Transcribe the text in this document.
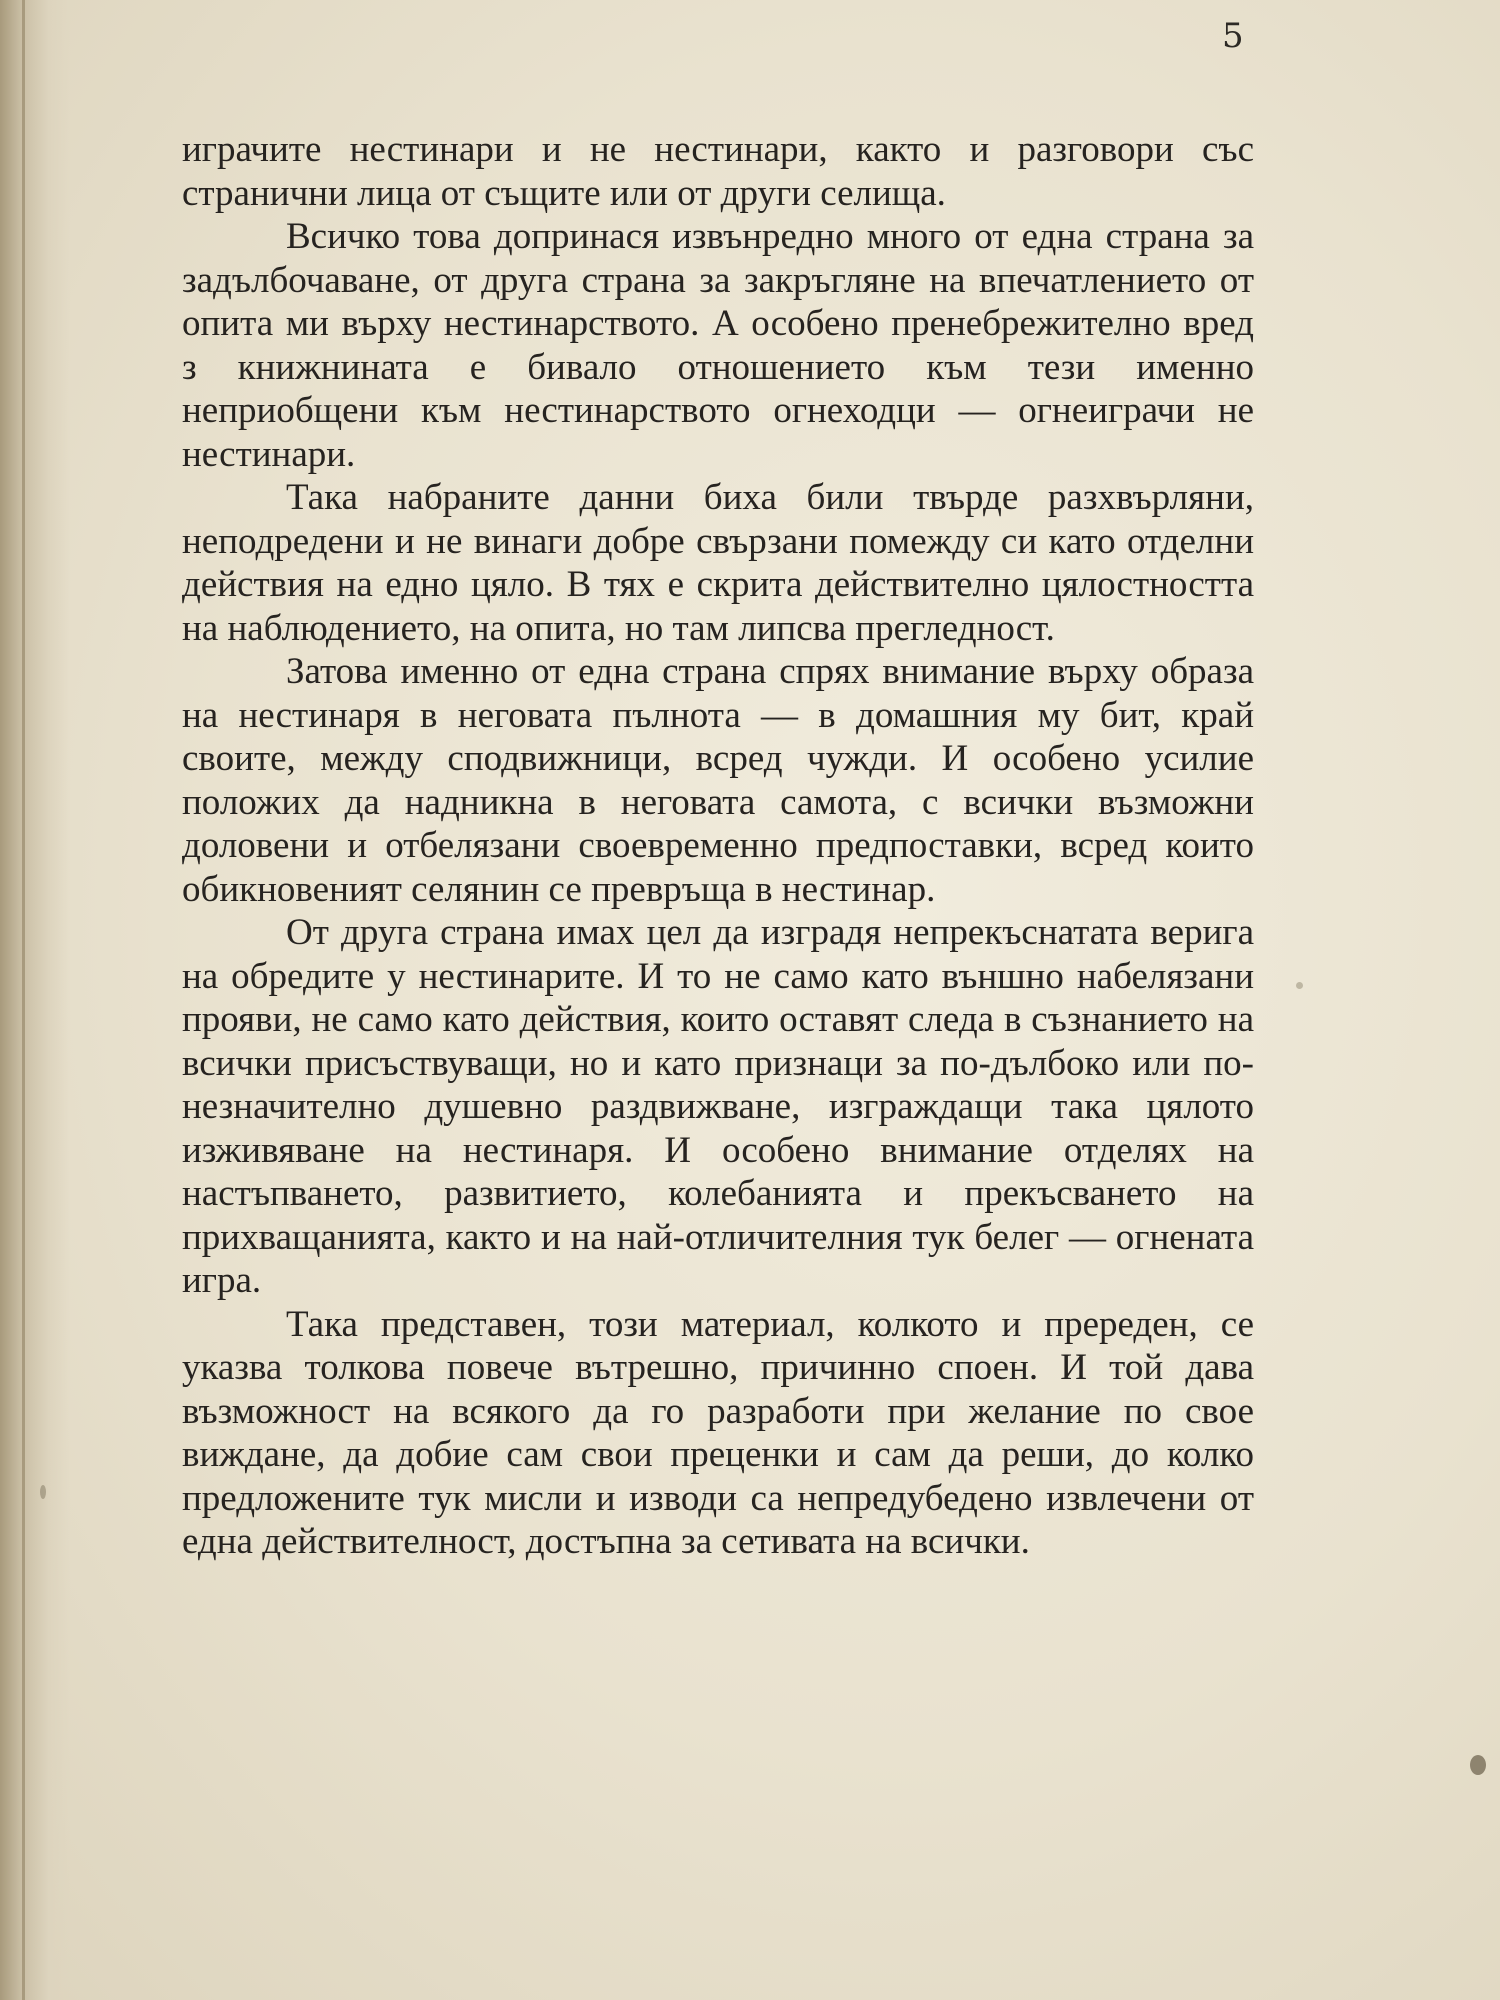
5

играчите нестинари и не нестинари, както и разговори със странични лица от същите или от други селища.

Всичко това допринася извънредно много от една страна за задълбочаване, от друга страна за закръгляне на впечатлението от опита ми върху нестинарството. А особено пренебрежително вред з книжнината е бивало отношението към тези именно неприобщени към нестинарството огнеходци — огнеиграчи не нестинари.

Така набраните данни биха били твърде разхвърляни, неподредени и не винаги добре свързани помежду си като отделни действия на едно цяло. В тях е скрита действително цялостността на наблюдението, на опита, но там липсва прегледност.

Затова именно от една страна спрях внимание върху образа на нестинаря в неговата пълнота — в домашния му бит, край своите, между сподвижници, всред чужди. И особено усилие положих да надникна в неговата самота, с всички възможни доловени и отбелязани своевременно предпоставки, всред които обикновеният селянин се превръща в нестинар.

От друга страна имах цел да изградя непрекъснатата верига на обредите у нестинарите. И то не само като външно набелязани прояви, не само като действия, които оставят следа в съзнанието на всички присъствуващи, но и като признаци за по-дълбоко или по-незначително душевно раздвижване, изграждащи така цялото изживяване на нестинаря. И особено внимание отделях на настъпването, развитието, колебанията и прекъсването на прихващанията, както и на най-отличителния тук белег — огнената игра.

Така представен, този материал, колкото и пререден, се указва толкова повече вътрешно, причинно споен. И той дава възможност на всякого да го разработи при желание по свое виждане, да добие сам свои преценки и сам да реши, до колко предложените тук мисли и изводи са непредубедено извлечени от една действителност, достъпна за сетивата на всички.
